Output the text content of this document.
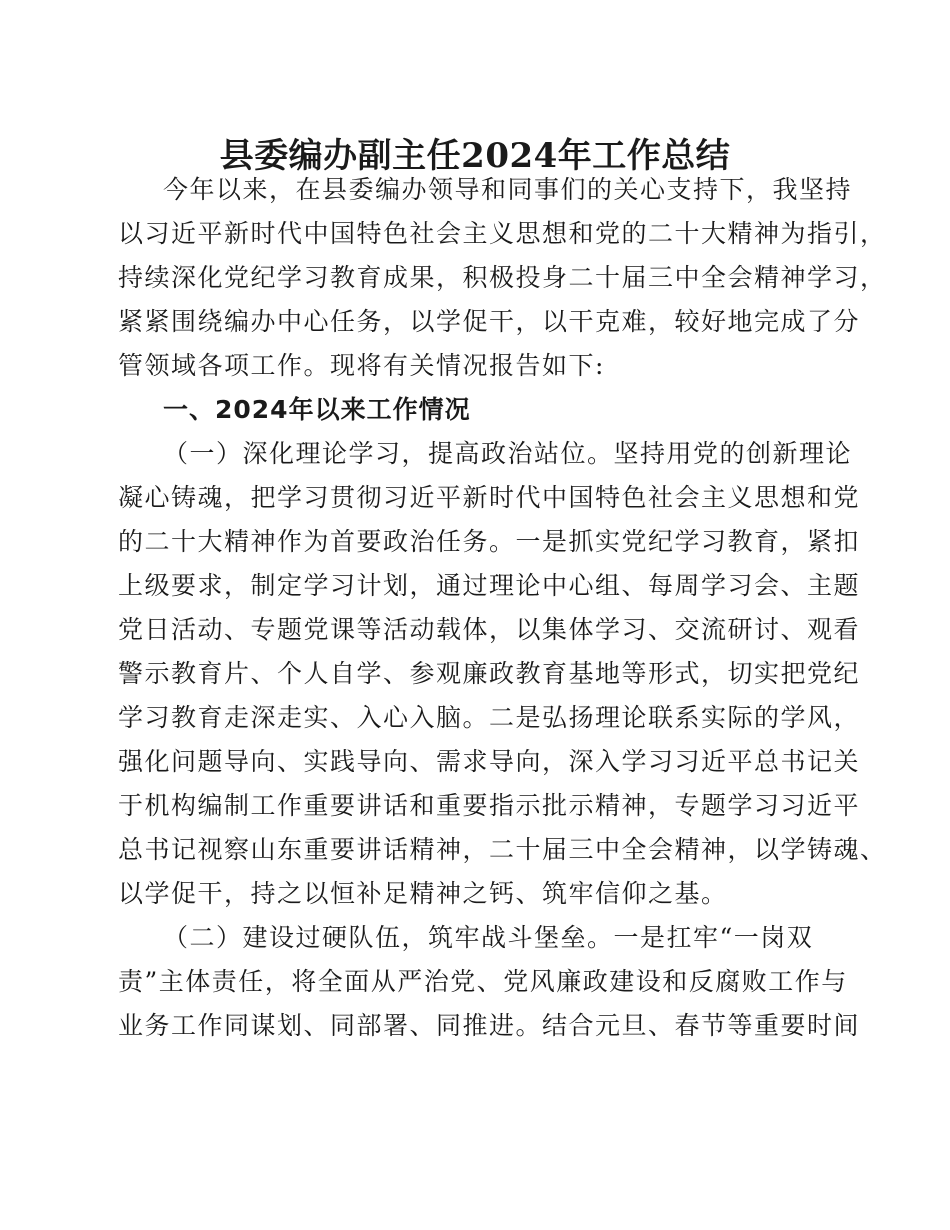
县委编办副主任2024年工作总结
今年以来，在县委编办领导和同事们的关心支持下，我坚持
以习近平新时代中国特色社会主义思想和党的二十大精神为指引，
持续深化党纪学习教育成果，积极投身二十届三中全会精神学习，
紧紧围绕编办中心任务，以学促干，以干克难，较好地完成了分
管领域各项工作。现将有关情况报告如下:
一、2024年以来工作情况
（一）深化理论学习，提高政治站位。坚持用党的创新理论
凝心铸魂，把学习贯彻习近平新时代中国特色社会主义思想和党
的二十大精神作为首要政治任务。一是抓实党纪学习教育，紧扣
上级要求，制定学习计划，通过理论中心组、每周学习会、主题
党日活动、专题党课等活动载体，以集体学习、交流研讨、观看
警示教育片、个人自学、参观廉政教育基地等形式，切实把党纪
学习教育走深走实、入心入脑。二是弘扬理论联系实际的学风，
强化问题导向、实践导向、需求导向，深入学习习近平总书记关
于机构编制工作重要讲话和重要指示批示精神，专题学习习近平
总书记视察山东重要讲话精神，二十届三中全会精神，以学铸魂、
以学促干，持之以恒补足精神之钙、筑牢信仰之基。
（二）建设过硬队伍，筑牢战斗堡垒。一是扛牢“一岗双
责”主体责任，将全面从严治党、党风廉政建设和反腐败工作与
业务工作同谋划、同部署、同推进。结合元旦、春节等重要时间
